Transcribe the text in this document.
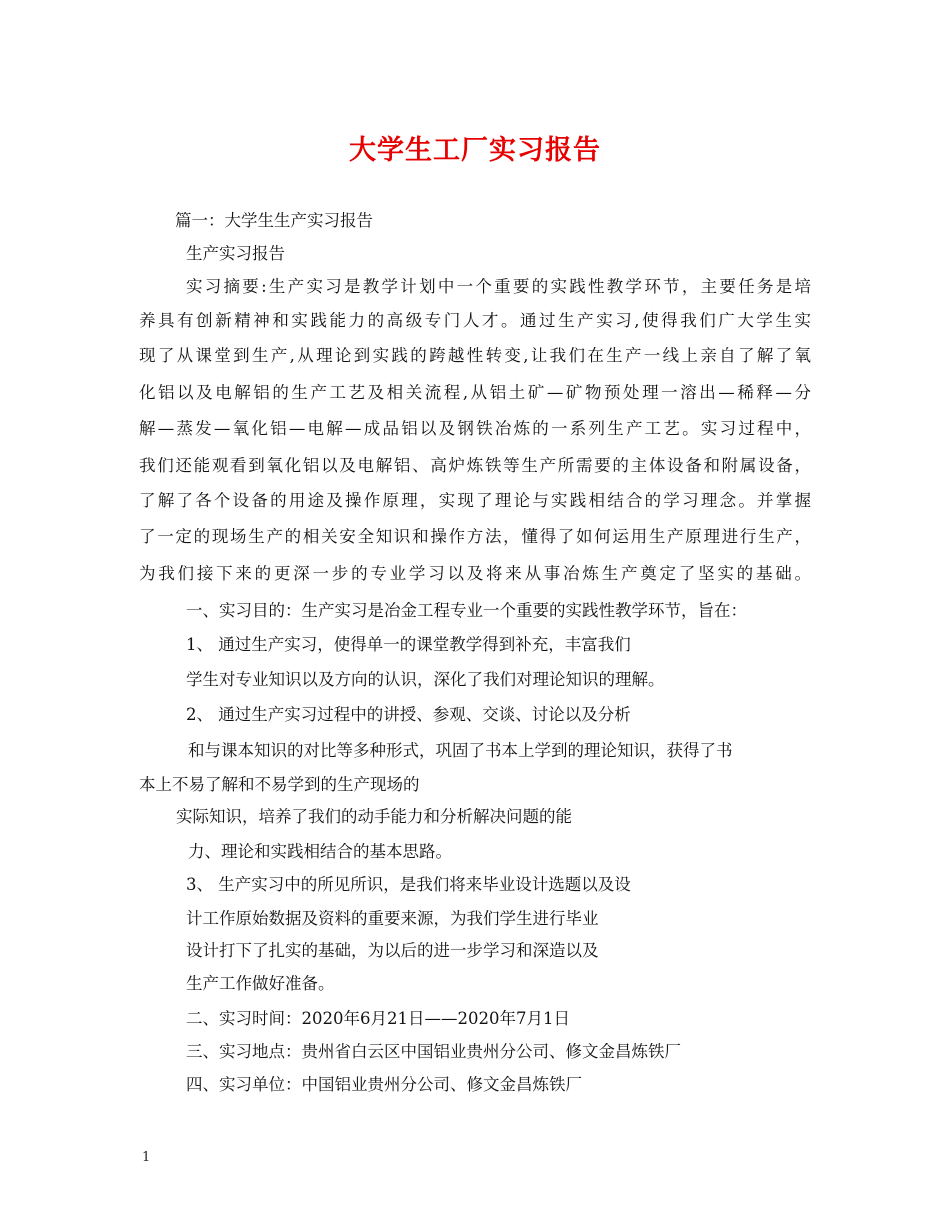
大学生工厂实习报告
篇一：大学生生产实习报告
生产实习报告
实习摘要:生产实习是教学计划中一个重要的实践性教学环节，主要任务是培
养具有创新精神和实践能力的高级专门人才。通过生产实习,使得我们广大学生实
现了从课堂到生产,从理论到实践的跨越性转变,让我们在生产一线上亲自了解了氧
化铝以及电解铝的生产工艺及相关流程,从铝土矿—矿物预处理一溶出—稀释—分
解—蒸发—氧化铝—电解—成品铝以及钢铁冶炼的一系列生产工艺。实习过程中，
我们还能观看到氧化铝以及电解铝、高炉炼铁等生产所需要的主体设备和附属设备，
了解了各个设备的用途及操作原理，实现了理论与实践相结合的学习理念。并掌握
了一定的现场生产的相关安全知识和操作方法，懂得了如何运用生产原理进行生产，
为我们接下来的更深一步的专业学习以及将来从事冶炼生产奠定了坚实的基础。
一、实习目的：生产实习是冶金工程专业一个重要的实践性教学环节，旨在：
1、 通过生产实习，使得单一的课堂教学得到补充，丰富我们
学生对专业知识以及方向的认识，深化了我们对理论知识的理解。
2、 通过生产实习过程中的讲授、参观、交谈、讨论以及分析
和与课本知识的对比等多种形式，巩固了书本上学到的理论知识，获得了书
本上不易了解和不易学到的生产现场的
实际知识，培养了我们的动手能力和分析解决问题的能
力、理论和实践相结合的基本思路。
3、 生产实习中的所见所识，是我们将来毕业设计选题以及设
计工作原始数据及资料的重要来源，为我们学生进行毕业
设计打下了扎实的基础，为以后的进一步学习和深造以及
生产工作做好准备。
二、实习时间：2020年6月21日——2020年7月1日
三、实习地点：贵州省白云区中国铝业贵州分公司、修文金昌炼铁厂
四、实习单位：中国铝业贵州分公司、修文金昌炼铁厂
1
